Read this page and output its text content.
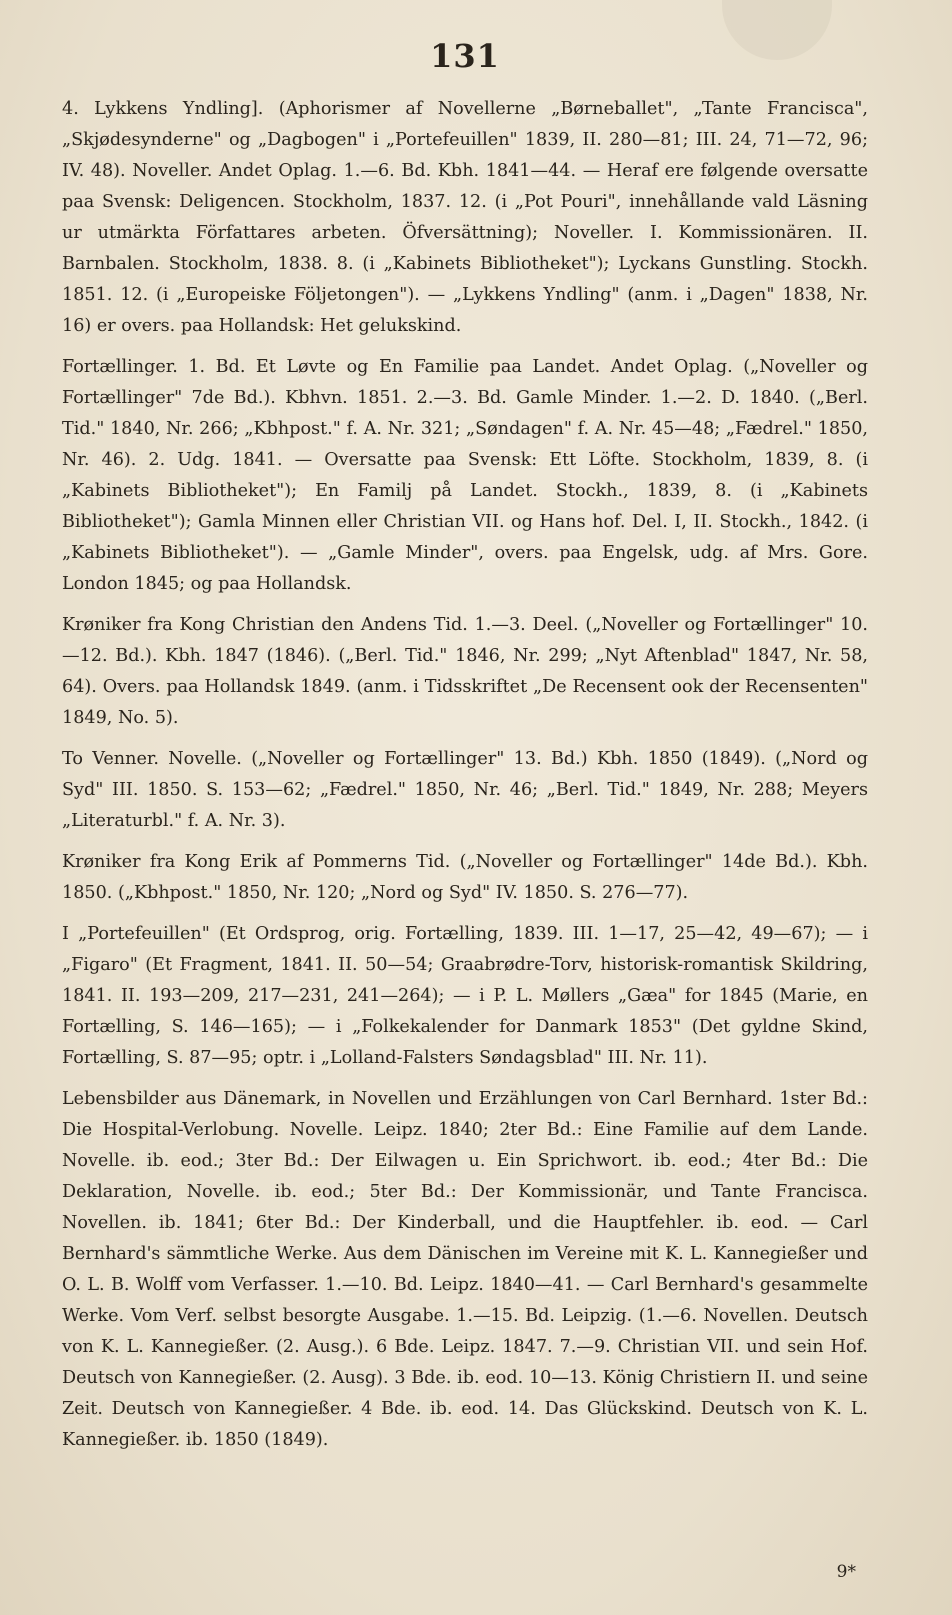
131

4. Lykkens Yndling]. (Aphorismer af Novellerne „Børneballet", „Tante Francisca", „Skjødesynderne" og „Dagbogen" i „Portefeuillen" 1839, II. 280—81; III. 24, 71—72, 96; IV. 48). Noveller. Andet Oplag. 1.—6. Bd. Kbh. 1841—44. — Heraf ere følgende oversatte paa Svensk: Deligencen. Stockholm, 1837. 12. (i „Pot Pouri", innehållande vald Läsning ur utmärkta Författares arbeten. Öfversättning); Noveller. I. Kommissionären. II. Barnbalen. Stockholm, 1838. 8. (i „Kabinets Bibliotheket"); Lyckans Gunstling. Stockh. 1851. 12. (i „Europeiske Följetongen"). — „Lykkens Yndling" (anm. i „Dagen" 1838, Nr. 16) er overs. paa Hollandsk: Het gelukskind.

Fortællinger. 1. Bd. Et Løvte og En Familie paa Landet. Andet Oplag. („Noveller og Fortællinger" 7de Bd.). Kbhvn. 1851. 2.—3. Bd. Gamle Minder. 1.—2. D. 1840. („Berl. Tid." 1840, Nr. 266; „Kbhpost." f. A. Nr. 321; „Søndagen" f. A. Nr. 45—48; „Fædrel." 1850, Nr. 46). 2. Udg. 1841. — Oversatte paa Svensk: Ett Löfte. Stockholm, 1839, 8. (i „Kabinets Bibliotheket"); En Familj på Landet. Stockh., 1839, 8. (i „Kabinets Bibliotheket"); Gamla Minnen eller Christian VII. og Hans hof. Del. I, II. Stockh., 1842. (i „Kabinets Bibliotheket"). — „Gamle Minder", overs. paa Engelsk, udg. af Mrs. Gore. London 1845; og paa Hollandsk.

Krøniker fra Kong Christian den Andens Tid. 1.—3. Deel. („Noveller og Fortællinger" 10.—12. Bd.). Kbh. 1847 (1846). („Berl. Tid." 1846, Nr. 299; „Nyt Aftenblad" 1847, Nr. 58, 64). Overs. paa Hollandsk 1849. (anm. i Tidsskriftet „De Recensent ook der Recensenten" 1849, No. 5).

To Venner. Novelle. („Noveller og Fortællinger" 13. Bd.) Kbh. 1850 (1849). („Nord og Syd" III. 1850. S. 153—62; „Fædrel." 1850, Nr. 46; „Berl. Tid." 1849, Nr. 288; Meyers „Literaturbl." f. A. Nr. 3).

Krøniker fra Kong Erik af Pommerns Tid. („Noveller og Fortællinger" 14de Bd.). Kbh. 1850. („Kbhpost." 1850, Nr. 120; „Nord og Syd" IV. 1850. S. 276—77).

I „Portefeuillen" (Et Ordsprog, orig. Fortælling, 1839. III. 1—17, 25—42, 49—67); — i „Figaro" (Et Fragment, 1841. II. 50—54; Graabrødre-Torv, historisk-romantisk Skildring, 1841. II. 193—209, 217—231, 241—264); — i P. L. Møllers „Gæa" for 1845 (Marie, en Fortælling, S. 146—165); — i „Folkekalender for Danmark 1853" (Det gyldne Skind, Fortælling, S. 87—95; optr. i „Lolland-Falsters Søndagsblad" III. Nr. 11).

Lebensbilder aus Dänemark, in Novellen und Erzählungen von Carl Bernhard. 1ster Bd.: Die Hospital-Verlobung. Novelle. Leipz. 1840; 2ter Bd.: Eine Familie auf dem Lande. Novelle. ib. eod.; 3ter Bd.: Der Eilwagen u. Ein Sprichwort. ib. eod.; 4ter Bd.: Die Deklaration, Novelle. ib. eod.; 5ter Bd.: Der Kommissionär, und Tante Francisca. Novellen. ib. 1841; 6ter Bd.: Der Kinderball, und die Hauptfehler. ib. eod. — Carl Bernhard's sämmtliche Werke. Aus dem Dänischen im Vereine mit K. L. Kannegießer und O. L. B. Wolff vom Verfasser. 1.—10. Bd. Leipz. 1840—41. — Carl Bernhard's gesammelte Werke. Vom Verf. selbst besorgte Ausgabe. 1.—15. Bd. Leipzig. (1.—6. Novellen. Deutsch von K. L. Kannegießer. (2. Ausg.). 6 Bde. Leipz. 1847. 7.—9. Christian VII. und sein Hof. Deutsch von Kannegießer. (2. Ausg). 3 Bde. ib. eod. 10—13. König Christiern II. und seine Zeit. Deutsch von Kannegießer. 4 Bde. ib. eod. 14. Das Glückskind. Deutsch von K. L. Kannegießer. ib. 1850 (1849).

9*
